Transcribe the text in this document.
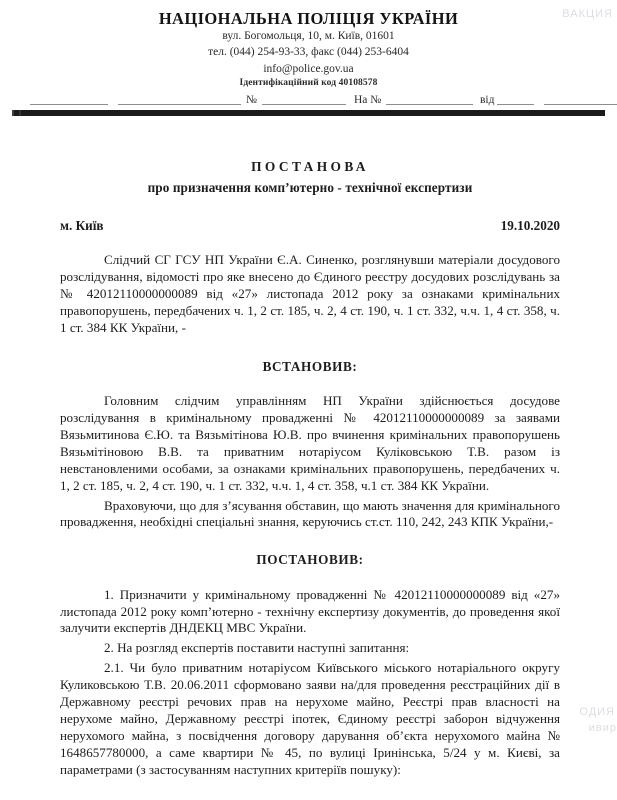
НАЦІОНАЛЬНА ПОЛІЦІЯ УКРАЇНИ
вул. Богомольця, 10, м. Київ, 01601
тел. (044) 254-93-33, факс (044) 253-6404
info@police.gov.ua
Ідентифікаційний код 40108578
№	На №	від
ПОСТАНОВА
про призначення комп’ютерно - технічної експертизи
м. Київ	19.10.2020

Слідчий СГ ГСУ НП України Є.А. Синенко, розглянувши матеріали досудового розслідування, відомості про яке внесено до Єдиного реєстру досудових розслідувань за № 42012110000000089 від «27» листопада 2012 року за ознаками кримінальних правопорушень, передбачених ч. 1, 2 ст. 185, ч. 2, 4 ст. 190, ч. 1 ст. 332, ч.ч. 1, 4 ст. 358, ч. 1 ст. 384 КК України, -

ВСТАНОВИВ:

Головним слідчим управлінням НП України здійснюється досудове розслідування в кримінальному провадженні № 42012110000000089 за заявами Вязьмитинова Є.Ю. та Вязьмітінова Ю.В. про вчинення кримінальних правопорушень Вязьмітіновою В.В. та приватним нотаріусом Куліковською Т.В. разом із невстановленими особами, за ознаками кримінальних правопорушень, передбачених ч. 1, 2 ст. 185, ч. 2, 4 ст. 190, ч. 1 ст. 332, ч.ч. 1, 4 ст. 358, ч.1 ст. 384 КК України.

Враховуючи, що для з’ясування обставин, що мають значення для кримінального провадження, необхідні спеціальні знання, керуючись ст.ст. 110, 242, 243 КПК України,-

ПОСТАНОВИВ:

1. Призначити у кримінальному провадженні № 42012110000000089 від «27» листопада 2012 року комп’ютерно - технічну експертизу документів, до проведення якої залучити експертів ДНДЕКЦ МВС України.

2. На розгляд експертів поставити наступні запитання:

2.1. Чи було приватним нотаріусом Київського міського нотаріального округу Куликовською Т.В. 20.06.2011 сформовано заяви на/для проведення реєстраційних дії в Державному реєстрі речових прав на нерухоме майно, Реєстрі прав власності на нерухоме майно, Державному реєстрі іпотек, Єдиному реєстрі заборон відчуження нерухомого майна, з посвідчення договору дарування об’єкта нерухомого майна № 1648657780000, а саме квартири № 45, по вулиці Іринінська, 5/24 у м. Києві, за параметрами (з застосуванням наступних критеріїв пошуку):

ВАКЦИЯ
ОДИЯ
ивир
